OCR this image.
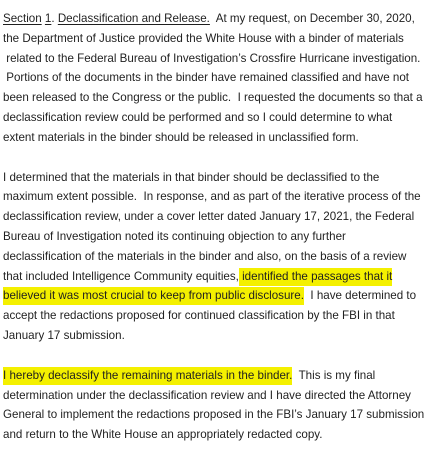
Section 1. Declassification and Release.  At my request, on December 30, 2020,
the Department of Justice provided the White House with a binder of materials
related to the Federal Bureau of Investigation’s Crossfire Hurricane investigation.
Portions of the documents in the binder have remained classified and have not
been released to the Congress or the public.  I requested the documents so that a
declassification review could be performed and so I could determine to what
extent materials in the binder should be released in unclassified form.

I determined that the materials in that binder should be declassified to the
maximum extent possible.  In response, and as part of the iterative process of the
declassification review, under a cover letter dated January 17, 2021, the Federal
Bureau of Investigation noted its continuing objection to any further
declassification of the materials in the binder and also, on the basis of a review
that included Intelligence Community equities, identified the passages that it
believed it was most crucial to keep from public disclosure.  I have determined to
accept the redactions proposed for continued classification by the FBI in that
January 17 submission.

I hereby declassify the remaining materials in the binder.  This is my final
determination under the declassification review and I have directed the Attorney
General to implement the redactions proposed in the FBI’s January 17 submission
and return to the White House an appropriately redacted copy.
